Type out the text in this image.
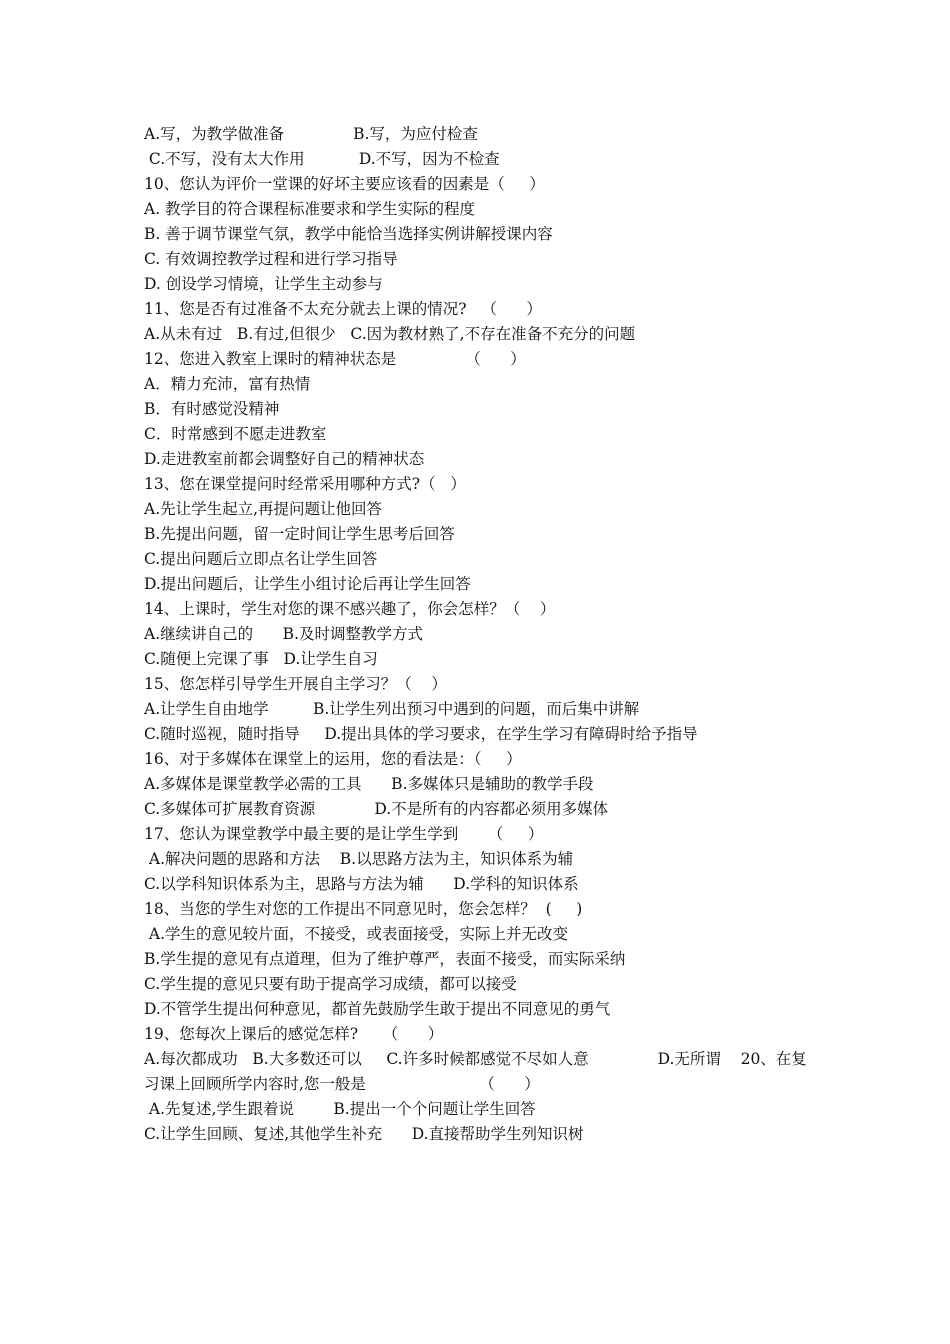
A.写，为教学做准备              B.写，为应付检查
C.不写，没有太大作用           D.不写，因为不检查
10、您认为评价一堂课的好坏主要应该看的因素是（     ）
A. 教学目的符合课程标准要求和学生实际的程度
B. 善于调节课堂气氛，教学中能恰当选择实例讲解授课内容
C. 有效调控教学过程和进行学习指导
D. 创设学习情境，让学生主动参与
11、您是否有过准备不太充分就去上课的情况?   （      ）
A.从未有过   B.有过,但很少   C.因为教材熟了,不存在准备不充分的问题
12、您进入教室上课时的精神状态是              （      ）
A．精力充沛，富有热情
B．有时感觉没精神
C．时常感到不愿走进教室
D.走进教室前都会调整好自己的精神状态
13、您在课堂提问时经常采用哪种方式?（   ）
A.先让学生起立,再提问题让他回答
B.先提出问题，留一定时间让学生思考后回答
C.提出问题后立即点名让学生回答
D.提出问题后，让学生小组讨论后再让学生回答
14、上课时，学生对您的课不感兴趣了，你会怎样？（    ）
A.继续讲自己的      B.及时调整教学方式
C.随便上完课了事   D.让学生自习
15、您怎样引导学生开展自主学习？（    ）
A.让学生自由地学         B.让学生列出预习中遇到的问题，而后集中讲解
C.随时巡视，随时指导     D.提出具体的学习要求，在学生学习有障碍时给予指导
16、对于多媒体在课堂上的运用，您的看法是：（     ）
A.多媒体是课堂教学必需的工具      B.多媒体只是辅助的教学手段
C.多媒体可扩展教育资源            D.不是所有的内容都必须用多媒体
17、您认为课堂教学中最主要的是让学生学到      （     ）
A.解决问题的思路和方法    B.以思路方法为主，知识体系为辅
C.以学科知识体系为主，思路与方法为辅      D.学科的知识体系
18、当您的学生对您的工作提出不同意见时，您会怎样？  (     )
A.学生的意见较片面，不接受，或表面接受，实际上并无改变
B.学生提的意见有点道理，但为了维护尊严，表面不接受，而实际采纳
C.学生提的意见只要有助于提高学习成绩，都可以接受
D.不管学生提出何种意见，都首先鼓励学生敢于提出不同意见的勇气
19、您每次上课后的感觉怎样?     （      ）
A.每次都成功   B.大多数还可以     C.许多时候都感觉不尽如人意              D.无所谓    20、在复
习课上回顾所学内容时,您一般是                       （      ）
A.先复述,学生跟着说        B.提出一个个问题让学生回答
C.让学生回顾、复述,其他学生补充      D.直接帮助学生列知识树
